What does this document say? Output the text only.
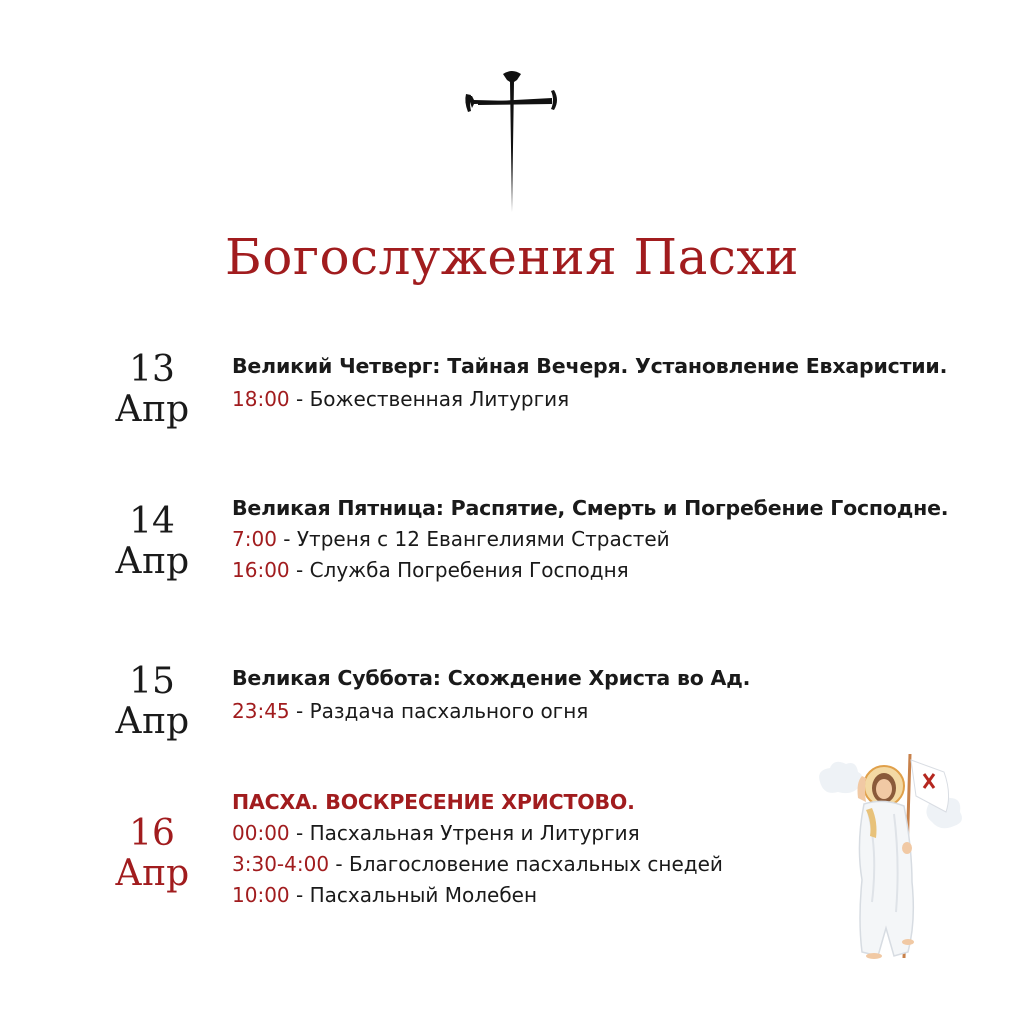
Богослужения Пасхи
13
Апр

Великий Четверг: Тайная Вечеря. Установление Евхаристии.

18:00 - Божественная Литургия
14
Апр

Великая Пятница: Распятие, Смерть и Погребение Господне.

7:00 - Утреня с 12 Евангелиями Страстей
16:00 - Служба Погребения Господня
15
Апр

Великая Суббота: Схождение Христа во Ад.

23:45 - Раздача пасхального огня
16
Апр

ПАСХА. ВОСКРЕСЕНИЕ ХРИСТОВО.

00:00 - Пасхальная Утреня и Литургия
3:30-4:00 - Благословение пасхальных снедей
10:00 - Пасхальный Молебен
